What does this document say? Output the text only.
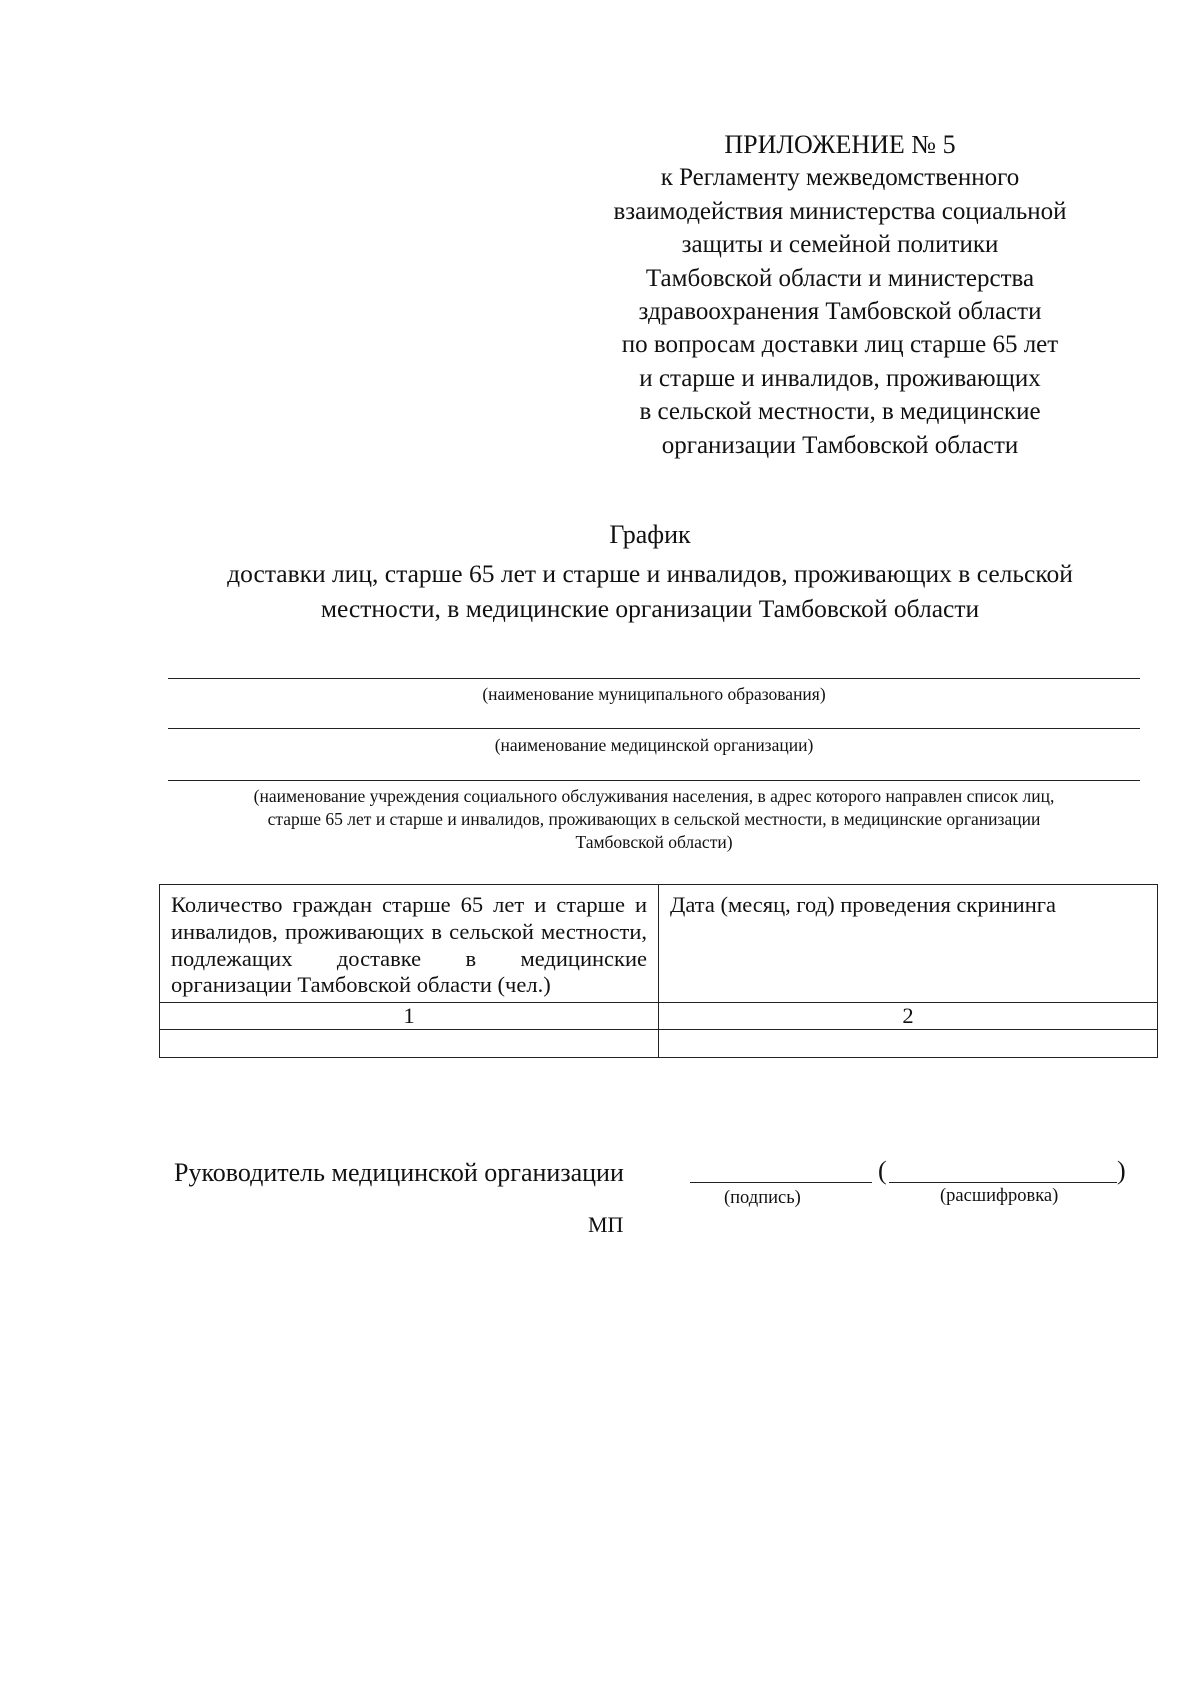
ПРИЛОЖЕНИЕ № 5
к Регламенту межведомственного
взаимодействия министерства социальной
защиты и семейной политики
Тамбовской области и министерства
здравоохранения Тамбовской области
по вопросам доставки лиц старше 65 лет
и старше и инвалидов, проживающих
в сельской местности, в медицинские
организации Тамбовской области
График
доставки лиц, старше 65 лет и старше и инвалидов, проживающих в сельской
местности, в медицинские организации Тамбовской области
(наименование муниципального образования)
(наименование медицинской организации)
(наименование учреждения социального обслуживания населения, в адрес которого направлен список лиц,
старше 65 лет и старше и инвалидов, проживающих в сельской местности, в медицинские организации
Тамбовской области)
Количество граждан старше 65 лет и старше и инвалидов, проживающих в сельской местности, подлежащих доставке в медицинские организации Тамбовской области (чел.)	Дата (месяц, год) проведения скрининга
1	2

Руководитель медицинской организации	(	)
(подпись)	(расшифровка)
МП
